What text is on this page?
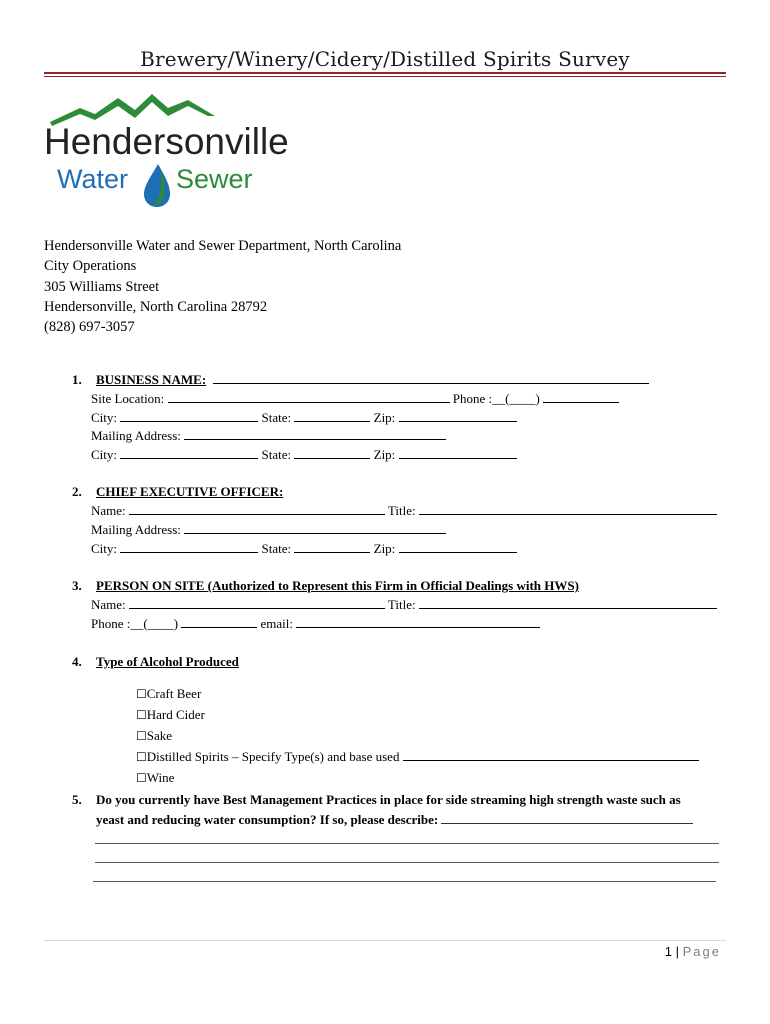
Brewery/Winery/Cidery/Distilled Spirits Survey
Hendersonville
Water Sewer
Hendersonville Water and Sewer Department, North Carolina
City Operations
305 Williams Street
Hendersonville, North Carolina 28792
(828) 697-3057
1. BUSINESS NAME:
Site Location:	Phone :__(____)
City:	State:	Zip:
Mailing Address:
City:	State:	Zip:
2. CHIEF EXECUTIVE OFFICER:
Name:	Title:
Mailing Address:
City:	State:	Zip:
3. PERSON ON SITE (Authorized to Represent this Firm in Official Dealings with HWS)
Name:	Title:
Phone :__(____)	email:
4. Type of Alcohol Produced
☐Craft Beer
☐Hard Cider
☐Sake
☐Distilled Spirits – Specify Type(s) and base used
☐Wine
5. Do you currently have Best Management Practices in place for side streaming high strength waste such as
yeast and reducing water consumption? If so, please describe:
1 | Page
